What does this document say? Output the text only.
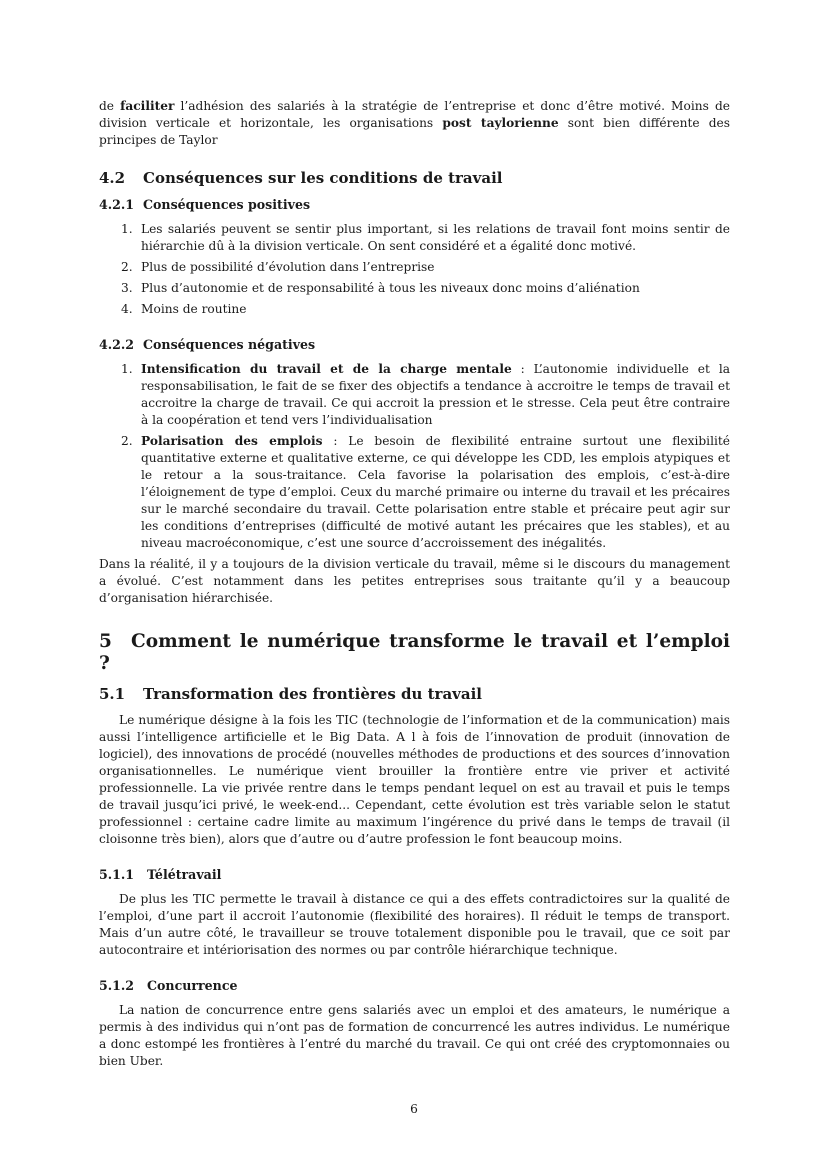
de faciliter l’adhésion des salariés à la stratégie de l’entreprise et donc d’être motivé. Moins de division verticale et horizontale, les organisations post taylorienne sont bien différente des principes de Taylor

4.2 Conséquences sur les conditions de travail
4.2.1 Conséquences positives
1. Les salariés peuvent se sentir plus important, si les relations de travail font moins sentir de hiérarchie dû à la division verticale. On sent considéré et a égalité donc motivé.
2. Plus de possibilité d’évolution dans l’entreprise
3. Plus d’autonomie et de responsabilité à tous les niveaux donc moins d’aliénation
4. Moins de routine
4.2.2 Conséquences négatives
1. Intensification du travail et de la charge mentale : L’autonomie individuelle et la responsabilisation, le fait de se fixer des objectifs a tendance à accroitre le temps de travail et accroitre la charge de travail. Ce qui accroit la pression et le stresse. Cela peut être contraire à la coopération et tend vers l’individualisation
2. Polarisation des emplois : Le besoin de flexibilité entraine surtout une flexibilité quantitative externe et qualitative externe, ce qui développe les CDD, les emplois atypiques et le retour a la sous-traitance. Cela favorise la polarisation des emplois, c’est-à-dire l’éloignement de type d’emploi. Ceux du marché primaire ou interne du travail et les précaires sur le marché secondaire du travail. Cette polarisation entre stable et précaire peut agir sur les conditions d’entreprises (difficulté de motivé autant les précaires que les stables), et au niveau macroéconomique, c’est une source d’accroissement des inégalités.

Dans la réalité, il y a toujours de la division verticale du travail, même si le discours du management a évolué. C’est notamment dans les petites entreprises sous traitante qu’il y a beaucoup d’organisation hiérarchisée.

5 Comment le numérique transforme le travail et l’emploi ?
5.1 Transformation des frontières du travail

Le numérique désigne à la fois les TIC (technologie de l’information et de la communication) mais aussi l’intelligence artificielle et le Big Data. A l à fois de l’innovation de produit (innovation de logiciel), des innovations de procédé (nouvelles méthodes de productions et des sources d’innovation organisationnelles. Le numérique vient brouiller la frontière entre vie priver et activité professionnelle. La vie privée rentre dans le temps pendant lequel on est au travail et puis le temps de travail jusqu’ici privé, le week-end... Cependant, cette évolution est très variable selon le statut professionnel : certaine cadre limite au maximum l’ingérence du privé dans le temps de travail (il cloisonne très bien), alors que d’autre ou d’autre profession le font beaucoup moins.

5.1.1 Télétravail

De plus les TIC permette le travail à distance ce qui a des effets contradictoires sur la qualité de l’emploi, d’une part il accroit l’autonomie (flexibilité des horaires). Il réduit le temps de transport. Mais d’un autre côté, le travailleur se trouve totalement disponible pou le travail, que ce soit par autocontraire et intériorisation des normes ou par contrôle hiérarchique technique.

5.1.2 Concurrence

La nation de concurrence entre gens salariés avec un emploi et des amateurs, le numérique a permis à des individus qui n’ont pas de formation de concurrencé les autres individus. Le numérique a donc estompé les frontières à l’entré du marché du travail. Ce qui ont créé des cryptomonnaies ou bien Uber.

6
